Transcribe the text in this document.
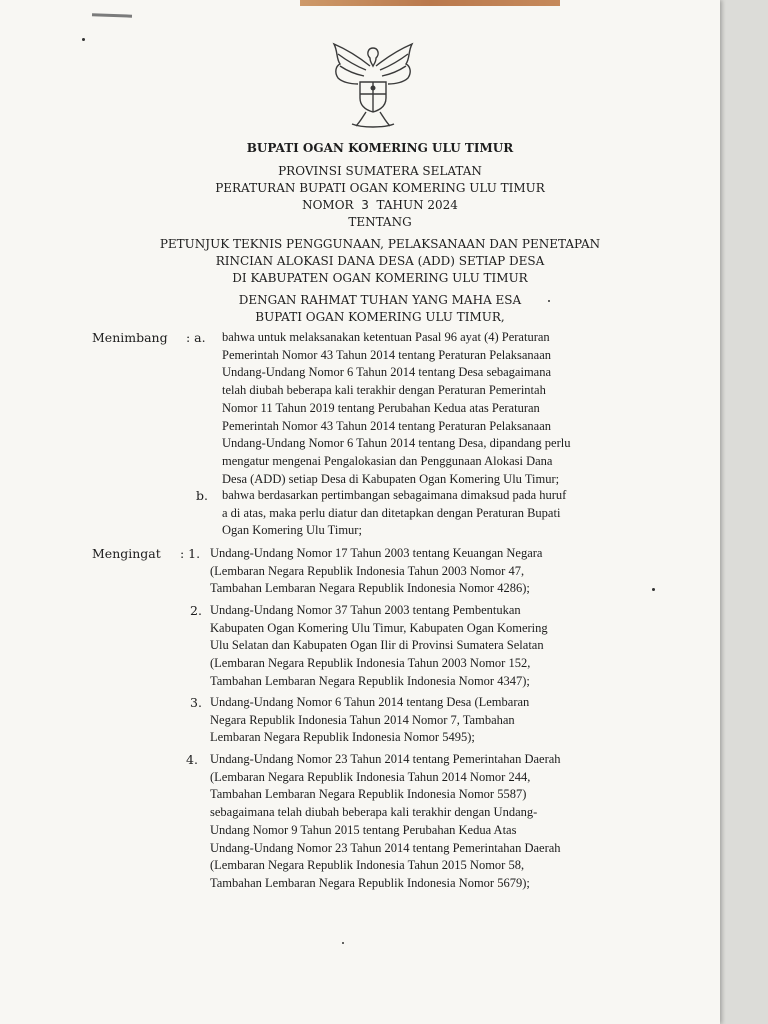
BUPATI OGAN KOMERING ULU TIMUR
PROVINSI SUMATERA SELATAN
PERATURAN BUPATI OGAN KOMERING ULU TIMUR
NOMOR 3 TAHUN 2024
TENTANG
PETUNJUK TEKNIS PENGGUNAAN, PELAKSANAAN DAN PENETAPAN
RINCIAN ALOKASI DANA DESA (ADD) SETIAP DESA
DI KABUPATEN OGAN KOMERING ULU TIMUR
DENGAN RAHMAT TUHAN YANG MAHA ESA
BUPATI OGAN KOMERING ULU TIMUR,
Menimbang : a. bahwa untuk melaksanakan ketentuan Pasal 96 ayat (4) Peraturan
Pemerintah Nomor 43 Tahun 2014 tentang Peraturan Pelaksanaan
Undang-Undang Nomor 6 Tahun 2014 tentang Desa sebagaimana
telah diubah beberapa kali terakhir dengan Peraturan Pemerintah
Nomor 11 Tahun 2019 tentang Perubahan Kedua atas Peraturan
Pemerintah Nomor 43 Tahun 2014 tentang Peraturan Pelaksanaan
Undang-Undang Nomor 6 Tahun 2014 tentang Desa, dipandang perlu
mengatur mengenai Pengalokasian dan Penggunaan Alokasi Dana
Desa (ADD) setiap Desa di Kabupaten Ogan Komering Ulu Timur;
b. bahwa berdasarkan pertimbangan sebagaimana dimaksud pada huruf
a di atas, maka perlu diatur dan ditetapkan dengan Peraturan Bupati
Ogan Komering Ulu Timur;
Mengingat : 1. Undang-Undang Nomor 17 Tahun 2003 tentang Keuangan Negara
(Lembaran Negara Republik Indonesia Tahun 2003 Nomor 47,
Tambahan Lembaran Negara Republik Indonesia Nomor 4286);
2. Undang-Undang Nomor 37 Tahun 2003 tentang Pembentukan
Kabupaten Ogan Komering Ulu Timur, Kabupaten Ogan Komering
Ulu Selatan dan Kabupaten Ogan Ilir di Provinsi Sumatera Selatan
(Lembaran Negara Republik Indonesia Tahun 2003 Nomor 152,
Tambahan Lembaran Negara Republik Indonesia Nomor 4347);
3. Undang-Undang Nomor 6 Tahun 2014 tentang Desa (Lembaran
Negara Republik Indonesia Tahun 2014 Nomor 7, Tambahan
Lembaran Negara Republik Indonesia Nomor 5495);
4. Undang-Undang Nomor 23 Tahun 2014 tentang Pemerintahan Daerah
(Lembaran Negara Republik Indonesia Tahun 2014 Nomor 244,
Tambahan Lembaran Negara Republik Indonesia Nomor 5587)
sebagaimana telah diubah beberapa kali terakhir dengan Undang-
Undang Nomor 9 Tahun 2015 tentang Perubahan Kedua Atas
Undang-Undang Nomor 23 Tahun 2014 tentang Pemerintahan Daerah
(Lembaran Negara Republik Indonesia Tahun 2015 Nomor 58,
Tambahan Lembaran Negara Republik Indonesia Nomor 5679);
